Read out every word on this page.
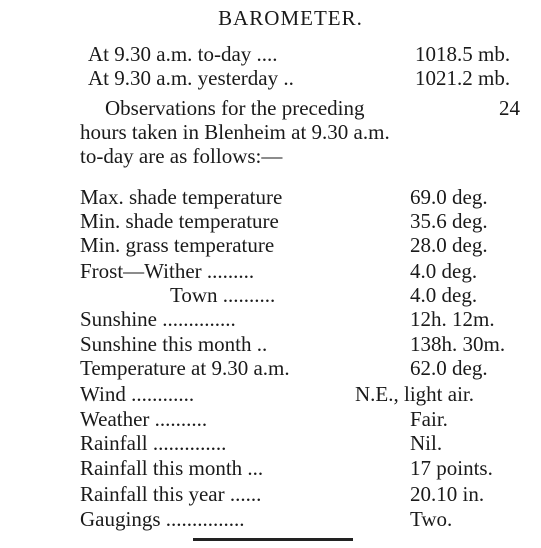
BAROMETER.
At 9.30 a.m. to-day ....	1018.5 mb.
At 9.30 a.m. yesterday ..	1021.2 mb.
Observations for the preceding	24
hours taken in Blenheim at 9.30 a.m.
to-day are as follows:—
Max. shade temperature	69.0 deg.
Min. shade temperature	35.6 deg.
Min. grass temperature	28.0 deg.
Frost—Wither .........	4.0 deg.
Town ..........	4.0 deg.
Sunshine ..............	12h. 12m.
Sunshine this month ..	138h. 30m.
Temperature at 9.30 a.m.	62.0 deg.
Wind ............	N.E., light air.
Weather ..........	Fair.
Rainfall ..............	Nil.
Rainfall this month ...	17 points.
Rainfall this year ......	20.10 in.
Gaugings ...............	Two.
